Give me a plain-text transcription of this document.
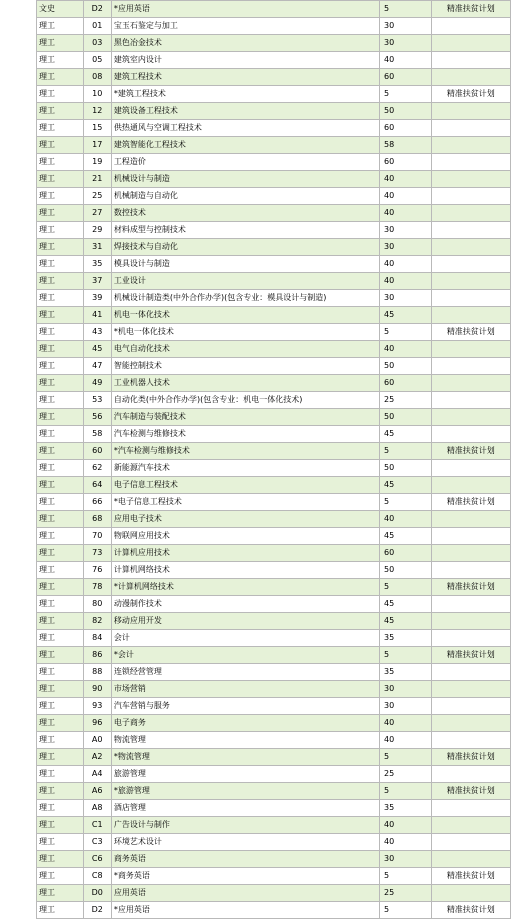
文史	D2	*应用英语	5	精准扶贫计划
理工	01	宝玉石鉴定与加工	30	
理工	03	黑色冶金技术	30	
理工	05	建筑室内设计	40	
理工	08	建筑工程技术	60	
理工	10	*建筑工程技术	5	精准扶贫计划
理工	12	建筑设备工程技术	50	
理工	15	供热通风与空调工程技术	60	
理工	17	建筑智能化工程技术	58	
理工	19	工程造价	60	
理工	21	机械设计与制造	40	
理工	25	机械制造与自动化	40	
理工	27	数控技术	40	
理工	29	材料成型与控制技术	30	
理工	31	焊接技术与自动化	30	
理工	35	模具设计与制造	40	
理工	37	工业设计	40	
理工	39	机械设计制造类(中外合作办学)(包含专业：模具设计与制造)	30	
理工	41	机电一体化技术	45	
理工	43	*机电一体化技术	5	精准扶贫计划
理工	45	电气自动化技术	40	
理工	47	智能控制技术	50	
理工	49	工业机器人技术	60	
理工	53	自动化类(中外合作办学)(包含专业：机电一体化技术)	25	
理工	56	汽车制造与装配技术	50	
理工	58	汽车检测与维修技术	45	
理工	60	*汽车检测与维修技术	5	精准扶贫计划
理工	62	新能源汽车技术	50	
理工	64	电子信息工程技术	45	
理工	66	*电子信息工程技术	5	精准扶贫计划
理工	68	应用电子技术	40	
理工	70	物联网应用技术	45	
理工	73	计算机应用技术	60	
理工	76	计算机网络技术	50	
理工	78	*计算机网络技术	5	精准扶贫计划
理工	80	动漫制作技术	45	
理工	82	移动应用开发	45	
理工	84	会计	35	
理工	86	*会计	5	精准扶贫计划
理工	88	连锁经营管理	35	
理工	90	市场营销	30	
理工	93	汽车营销与服务	30	
理工	96	电子商务	40	
理工	A0	物流管理	40	
理工	A2	*物流管理	5	精准扶贫计划
理工	A4	旅游管理	25	
理工	A6	*旅游管理	5	精准扶贫计划
理工	A8	酒店管理	35	
理工	C1	广告设计与制作	40	
理工	C3	环境艺术设计	40	
理工	C6	商务英语	30	
理工	C8	*商务英语	5	精准扶贫计划
理工	D0	应用英语	25	
理工	D2	*应用英语	5	精准扶贫计划
